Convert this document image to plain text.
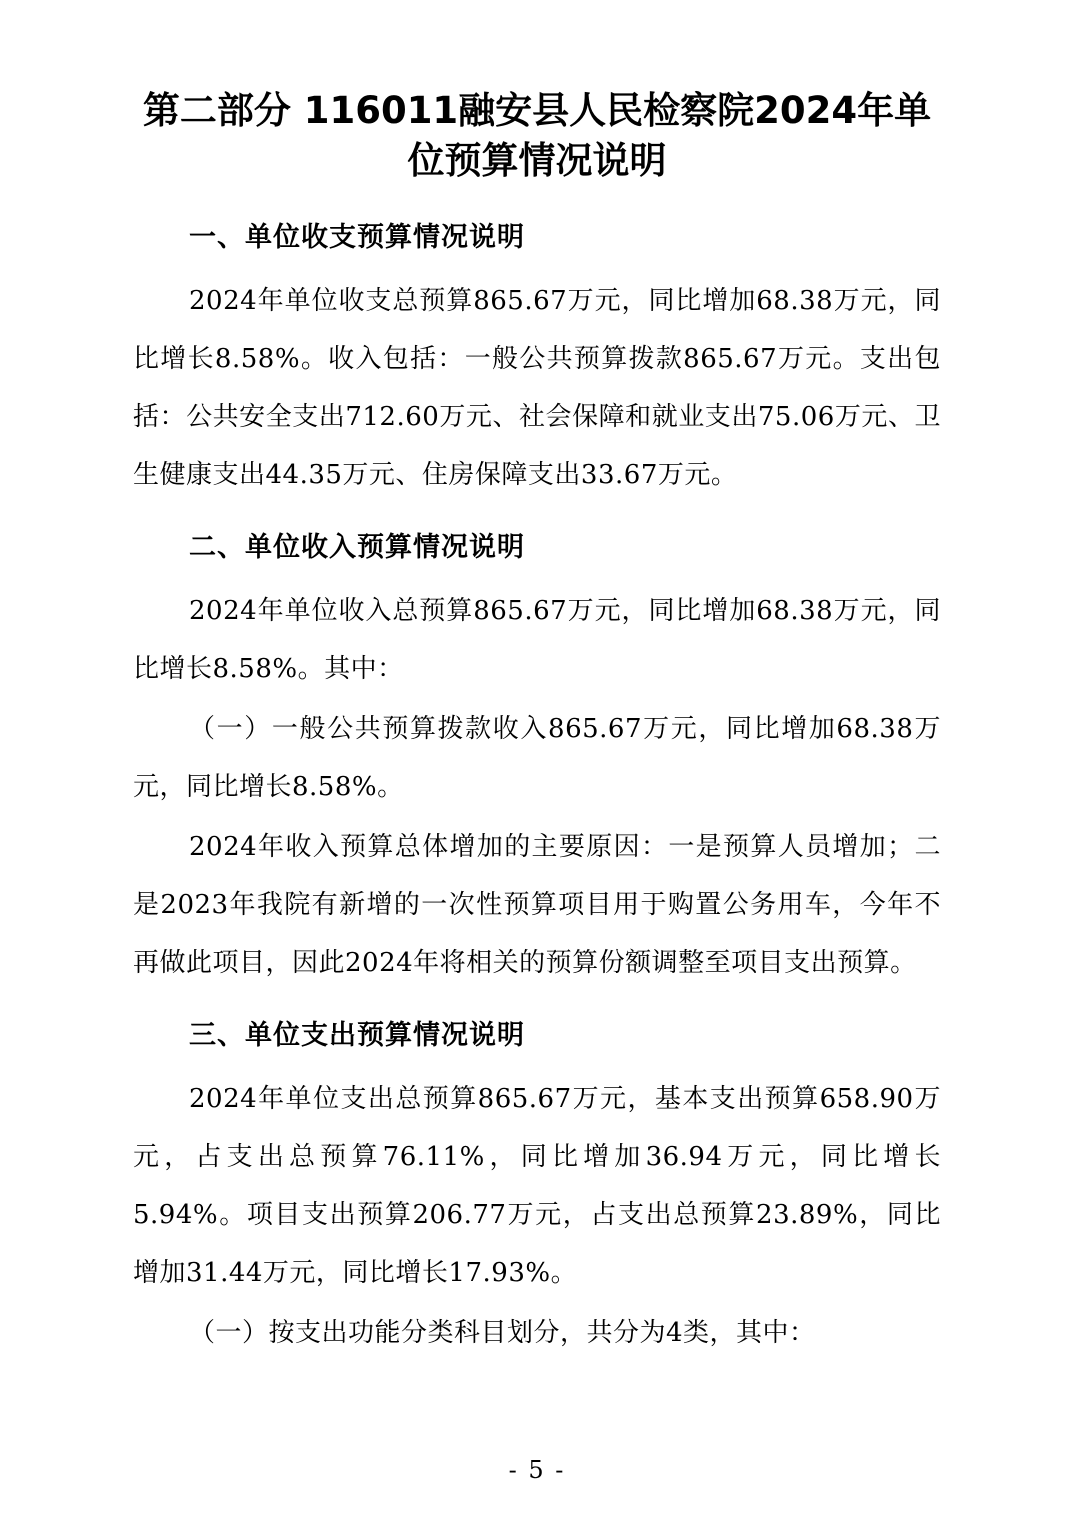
第二部分 116011融安县人民检察院2024年单位预算情况说明
一、单位收支预算情况说明

2024年单位收支总预算865.67万元，同比增加68.38万元，同比增长8.58%。收入包括：一般公共预算拨款865.67万元。支出包括：公共安全支出712.60万元、社会保障和就业支出75.06万元、卫生健康支出44.35万元、住房保障支出33.67万元。

二、单位收入预算情况说明

2024年单位收入总预算865.67万元，同比增加68.38万元，同比增长8.58%。其中：

（一）一般公共预算拨款收入865.67万元，同比增加68.38万元，同比增长8.58%。

2024年收入预算总体增加的主要原因：一是预算人员增加；二是2023年我院有新增的一次性预算项目用于购置公务用车，今年不再做此项目，因此2024年将相关的预算份额调整至项目支出预算。

三、单位支出预算情况说明

2024年单位支出总预算865.67万元，基本支出预算658.90万元，占支出总预算76.11%，同比增加36.94万元，同比增长5.94%。项目支出预算206.77万元，占支出总预算23.89%，同比增加31.44万元，同比增长17.93%。

（一）按支出功能分类科目划分，共分为4类，其中：

- 5 -
